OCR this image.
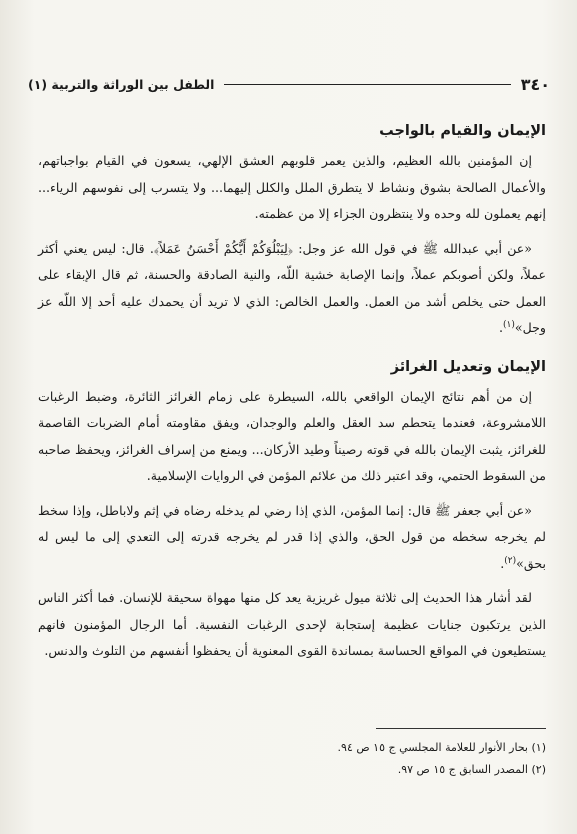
٣٤٠
الطفل بين الوراثة والتربية (١)
الإيمان والقيام بالواجب

إن المؤمنين بالله العظيم، والذين يعمر قلوبهم العشق الإلهي، يسعون في القيام بواجباتهم، والأعمال الصالحة بشوق ونشاط لا يتطرق الملل والكلل إليهما... ولا يتسرب إلى نفوسهم الرياء... إنهم يعملون لله وحده ولا ينتظرون الجزاء إلا من عظمته.

«عن أبي عبدالله ﷺ في قول الله عز وجل: ﴿لِيَبْلُوَكُمْ أَيُّكُمْ أَحْسَنُ عَمَلاً﴾. قال: ليس يعني أكثر عملاً، ولكن أصوبكم عملاً، وإنما الإصابة خشية اللّه، والنية الصادقة والحسنة، ثم قال الإبقاء على العمل حتى يخلص أشد من العمل. والعمل الخالص: الذي لا تريد أن يحمدك عليه أحد إلا اللّه عز وجل»$^{(١)}$.

الإيمان وتعديل الغرائز

إن من أهم نتائج الإيمان الواقعي بالله، السيطرة على زمام الغرائز الثائرة، وضبط الرغبات اللامشروعة، فعندما يتحطم سد العقل والعلم والوجدان، ويفق مقاومته أمام الضربات القاصمة للغرائز، يثبت الإيمان بالله في قوته رصيناً وطيد الأركان... ويمنع من إسراف الغرائز، ويحفظ صاحبه من السقوط الحتمي، وقد اعتبر ذلك من علائم المؤمن في الروايات الإسلامية.

«عن أبي جعفر ﷺ قال: إنما المؤمن، الذي إذا رضي لم يدخله رضاه في إثم ولاباطل، وإذا سخط لم يخرجه سخطه من قول الحق، والذي إذا قدر لم يخرجه قدرته إلى التعدي إلى ما ليس له بحق»$^{(٢)}$.

لقد أشار هذا الحديث إلى ثلاثة ميول غريزية يعد كل منها مهواة سحيقة للإنسان. فما أكثر الناس الذين يرتكبون جنايات عظيمة إستجابة لإحدى الرغبات النفسية. أما الرجال المؤمنون فانهم يستطيعون في المواقع الحساسة بمساندة القوى المعنوية أن يحفظوا أنفسهم من التلوث والدنس.

(١) بحار الأنوار للعلامة المجلسي ج ١٥ ص ٩٤.
(٢) المصدر السابق ج ١٥ ص ٩٧.
